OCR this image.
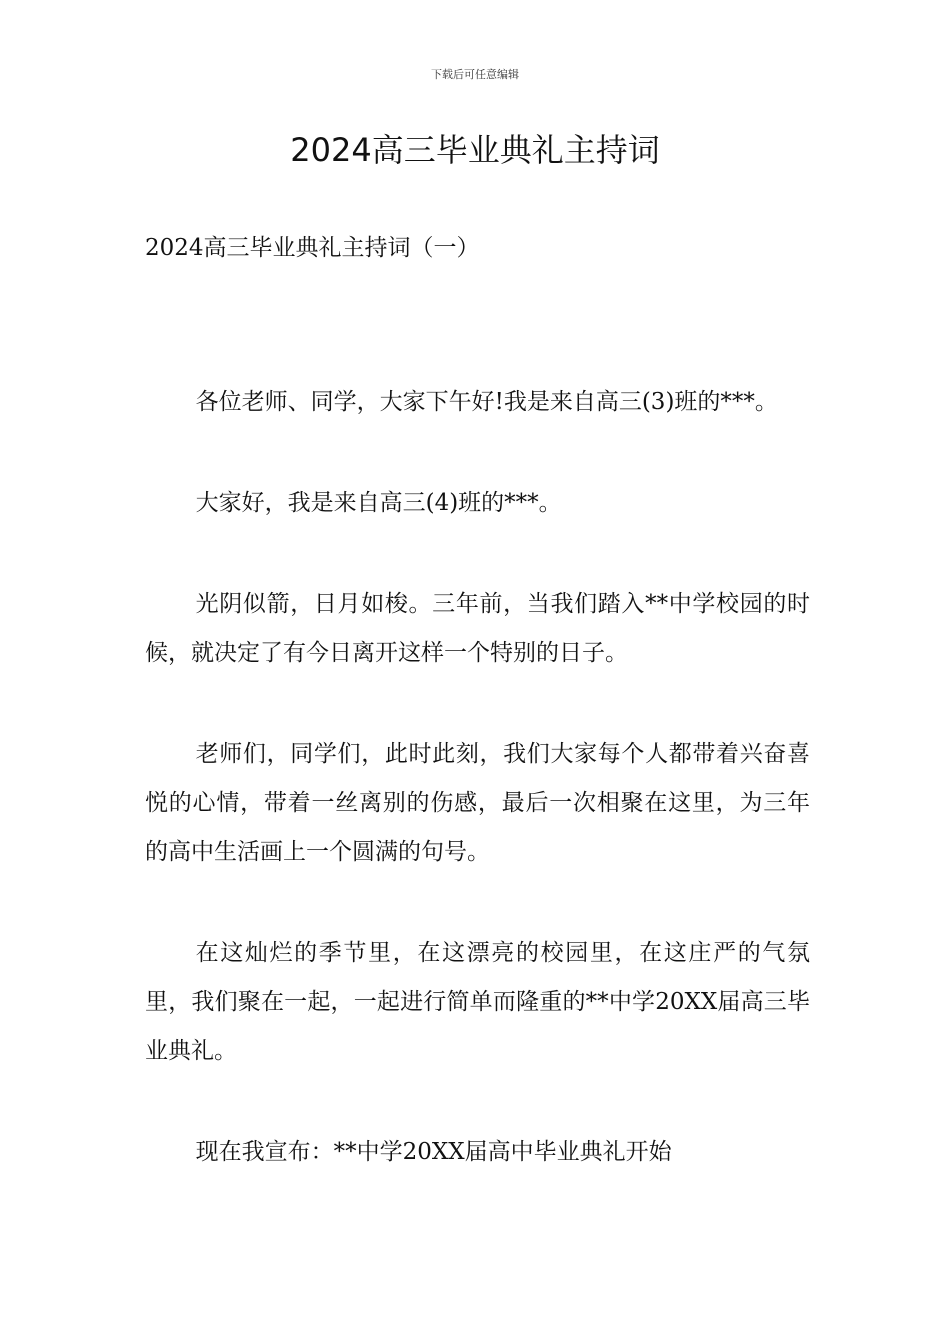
下载后可任意编辑
2024高三毕业典礼主持词
2024高三毕业典礼主持词（一）

各位老师、同学，大家下午好!我是来自高三(3)班的***。

大家好，我是来自高三(4)班的***。

光阴似箭，日月如梭。三年前，当我们踏入**中学校园的时候，就决定了有今日离开这样一个特别的日子。

老师们，同学们，此时此刻，我们大家每个人都带着兴奋喜悦的心情，带着一丝离别的伤感，最后一次相聚在这里，为三年的高中生活画上一个圆满的句号。

在这灿烂的季节里，在这漂亮的校园里，在这庄严的气氛里，我们聚在一起，一起进行简单而隆重的**中学20XX届高三毕业典礼。

现在我宣布：**中学20XX届高中毕业典礼开始
